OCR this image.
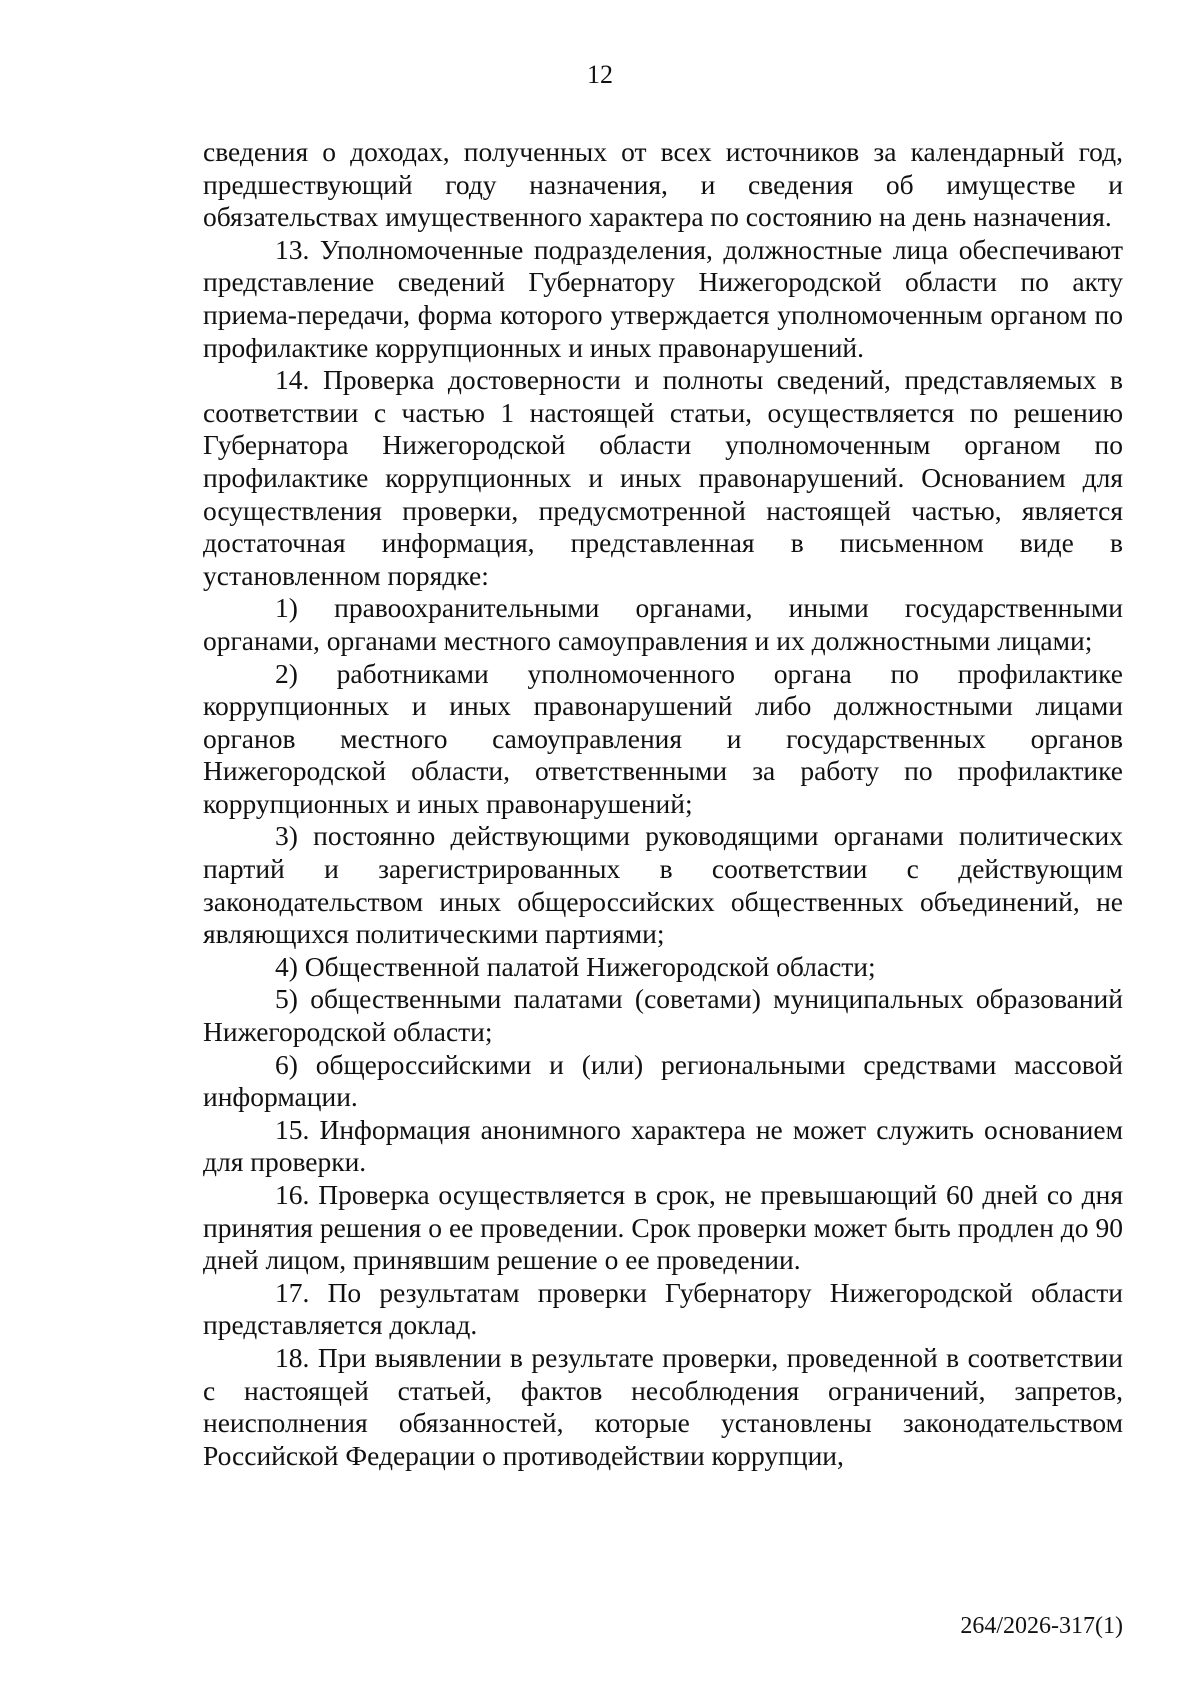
12

сведения о доходах, полученных от всех источников за календарный год, предшествующий году назначения, и сведения об имуществе и обязательствах имущественного характера по состоянию на день назначения.

13. Уполномоченные подразделения, должностные лица обеспечивают представление сведений Губернатору Нижегородской области по акту приема-передачи, форма которого утверждается уполномоченным органом по профилактике коррупционных и иных правонарушений.

14. Проверка достоверности и полноты сведений, представляемых в соответствии с частью 1 настоящей статьи, осуществляется по решению Губернатора Нижегородской области уполномоченным органом по профилактике коррупционных и иных правонарушений. Основанием для осуществления проверки, предусмотренной настоящей частью, является достаточная информация, представленная в письменном виде в установленном порядке:

1) правоохранительными органами, иными государственными органами, органами местного самоуправления и их должностными лицами;

2) работниками уполномоченного органа по профилактике коррупционных и иных правонарушений либо должностными лицами органов местного самоуправления и государственных органов Нижегородской области, ответственными за работу по профилактике коррупционных и иных правонарушений;

3) постоянно действующими руководящими органами политических партий и зарегистрированных в соответствии с действующим законодательством иных общероссийских общественных объединений, не являющихся политическими партиями;

4) Общественной палатой Нижегородской области;

5) общественными палатами (советами) муниципальных образований Нижегородской области;

6) общероссийскими и (или) региональными средствами массовой информации.

15. Информация анонимного характера не может служить основанием для проверки.

16. Проверка осуществляется в срок, не превышающий 60 дней со дня принятия решения о ее проведении. Срок проверки может быть продлен до 90 дней лицом, принявшим решение о ее проведении.

17. По результатам проверки Губернатору Нижегородской области представляется доклад.

18. При выявлении в результате проверки, проведенной в соответствии с настоящей статьей, фактов несоблюдения ограничений, запретов, неисполнения обязанностей, которые установлены законодательством Российской Федерации о противодействии коррупции,

264/2026-317(1)
